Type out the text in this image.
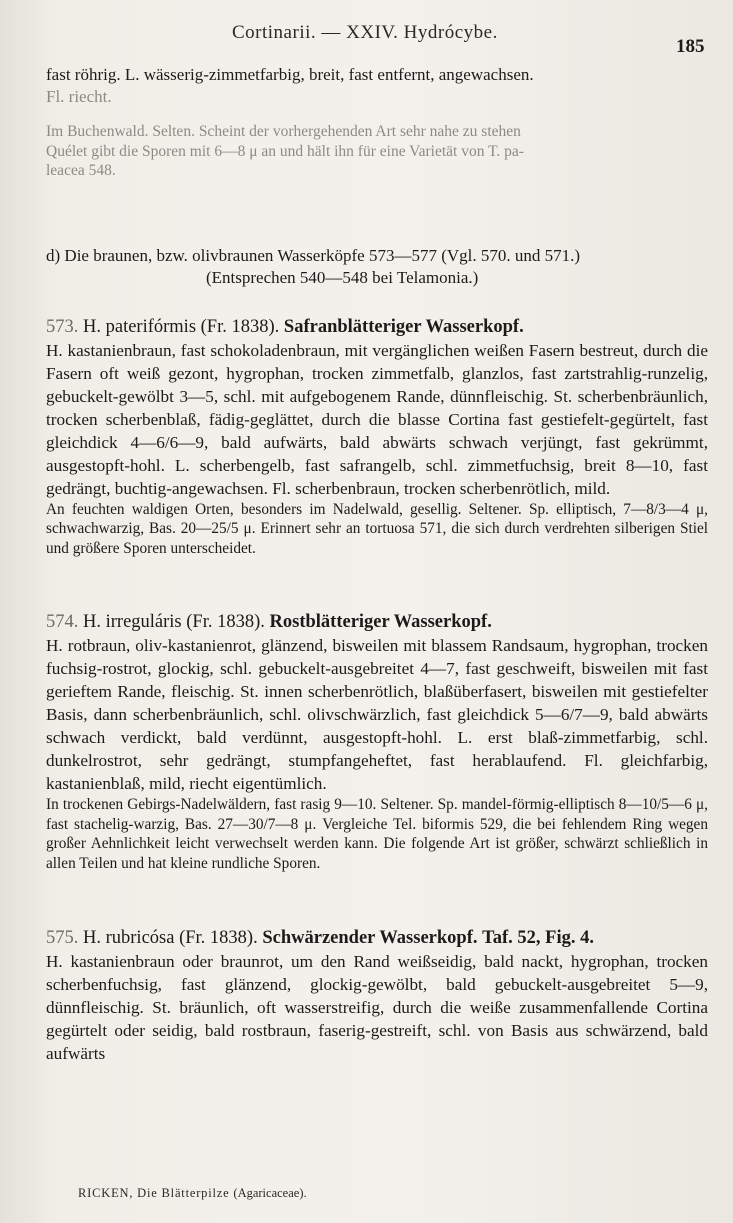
Cortinarii. — XXIV. Hydrócybe.
185
fast röhrig. L. wässerig-zimmetfarbig, breit, fast entfernt, angewachsen.
Fl. riecht.
Im Buchenwald. Selten. Scheint der vorhergehenden Art sehr nahe zu stehen
Quélet gibt die Sporen mit 6—8 μ an und hält ihn für eine Varietät von T. pa-
leacea 548.
d) Die braunen, bzw. olivbraunen Wasserköpfe 573—577 (Vgl. 570. und 571.)
(Entsprechen 540—548 bei Telamonia.)
573. H. paterifórmis (Fr. 1838). Safranblätteriger Wasserkopf.
H. kastanienbraun, fast schokoladenbraun, mit vergänglichen weißen Fasern bestreut, durch die Fasern oft weiß gezont, hygrophan, trocken zimmetfalb, glanzlos, fast zartstrahlig-runzelig, gebuckelt-gewölbt 3—5, schl. mit aufgebogenem Rande, dünnfleischig. St. scherbenbräunlich, trocken scherbenblaß, fädig-geglättet, durch die blasse Cortina fast gestiefelt-gegürtelt, fast gleichdick 4—6/6—9, bald aufwärts, bald abwärts schwach verjüngt, fast gekrümmt, ausgestopft-hohl. L. scherbengelb, fast safrangelb, schl. zimmetfuchsig, breit 8—10, fast gedrängt, buchtig-angewachsen. Fl. scherbenbraun, trocken scherbenrötlich, mild.
An feuchten waldigen Orten, besonders im Nadelwald, gesellig. Seltener. Sp. elliptisch, 7—8/3—4 μ, schwachwarzig, Bas. 20—25/5 μ. Erinnert sehr an tortuosa 571, die sich durch verdrehten silberigen Stiel und größere Sporen unterscheidet.
574. H. irreguláris (Fr. 1838). Rostblätteriger Wasserkopf.
H. rotbraun, oliv-kastanienrot, glänzend, bisweilen mit blassem Randsaum, hygrophan, trocken fuchsig-rostrot, glockig, schl. gebuckelt-ausgebreitet 4—7, fast geschweift, bisweilen mit fast gerieftem Rande, fleischig. St. innen scherbenrötlich, blaßüberfasert, bisweilen mit gestiefelter Basis, dann scherbenbräunlich, schl. olivschwärzlich, fast gleichdick 5—6/7—9, bald abwärts schwach verdickt, bald verdünnt, ausgestopft-hohl. L. erst blaß-zimmetfarbig, schl. dunkelrostrot, sehr gedrängt, stumpfangeheftet, fast herablaufend. Fl. gleichfarbig, kastanienblaß, mild, riecht eigentümlich.
In trockenen Gebirgs-Nadelwäldern, fast rasig 9—10. Seltener. Sp. mandel-förmig-elliptisch 8—10/5—6 μ, fast stachelig-warzig, Bas. 27—30/7—8 μ. Vergleiche Tel. biformis 529, die bei fehlendem Ring wegen großer Aehnlichkeit leicht verwechselt werden kann. Die folgende Art ist größer, schwärzt schließlich in allen Teilen und hat kleine rundliche Sporen.
575. H. rubricósa (Fr. 1838). Schwärzender Wasserkopf. Taf. 52, Fig. 4.
H. kastanienbraun oder braunrot, um den Rand weißseidig, bald nackt, hygrophan, trocken scherbenfuchsig, fast glänzend, glockig-gewölbt, bald gebuckelt-ausgebreitet 5—9, dünnfleischig. St. bräunlich, oft wasserstreifig, durch die weiße zusammenfallende Cortina gegürtelt oder seidig, bald rostbraun, faserig-gestreift, schl. von Basis aus schwärzend, bald aufwärts
RICKEN, Die Blätterpilze (Agaricaceae).
